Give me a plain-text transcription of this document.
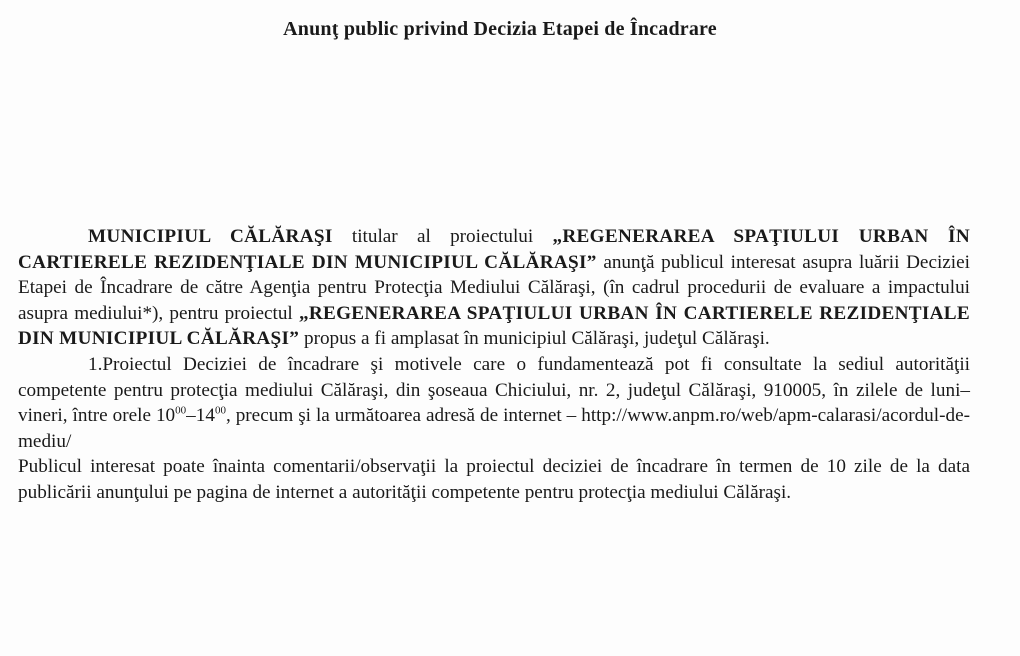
Anunţ public privind Decizia Etapei de Încadrare

MUNICIPIUL CĂLĂRAŞI titular al proiectului „REGENERAREA SPAŢIULUI URBAN ÎN CARTIERELE REZIDENŢIALE DIN MUNICIPIUL CĂLĂRAŞI” anunţă publicul interesat asupra luării Deciziei Etapei de Încadrare de către Agenţia pentru Protecţia Mediului Călăraşi, (în cadrul procedurii de evaluare a impactului asupra mediului*), pentru proiectul „REGENERAREA SPAŢIULUI URBAN ÎN CARTIERELE REZIDENŢIALE DIN MUNICIPIUL CĂLĂRAŞI” propus a fi amplasat în municipiul Călăraşi, judeţul Călăraşi.

1.Proiectul Deciziei de încadrare şi motivele care o fundamentează pot fi consultate la sediul autorităţii competente pentru protecţia mediului Călăraşi, din şoseaua Chiciului, nr. 2, judeţul Călăraşi, 910005, în zilele de luni–vineri, între orele $10^{00}-14^{00}$, precum şi la următoarea adresă de internet – http://www.anpm.ro/web/apm-calarasi/acordul-de-mediu/

Publicul interesat poate înainta comentarii/observaţii la proiectul deciziei de încadrare în termen de 10 zile de la data publicării anunţului pe pagina de internet a autorităţii competente pentru protecţia mediului Călăraşi.
